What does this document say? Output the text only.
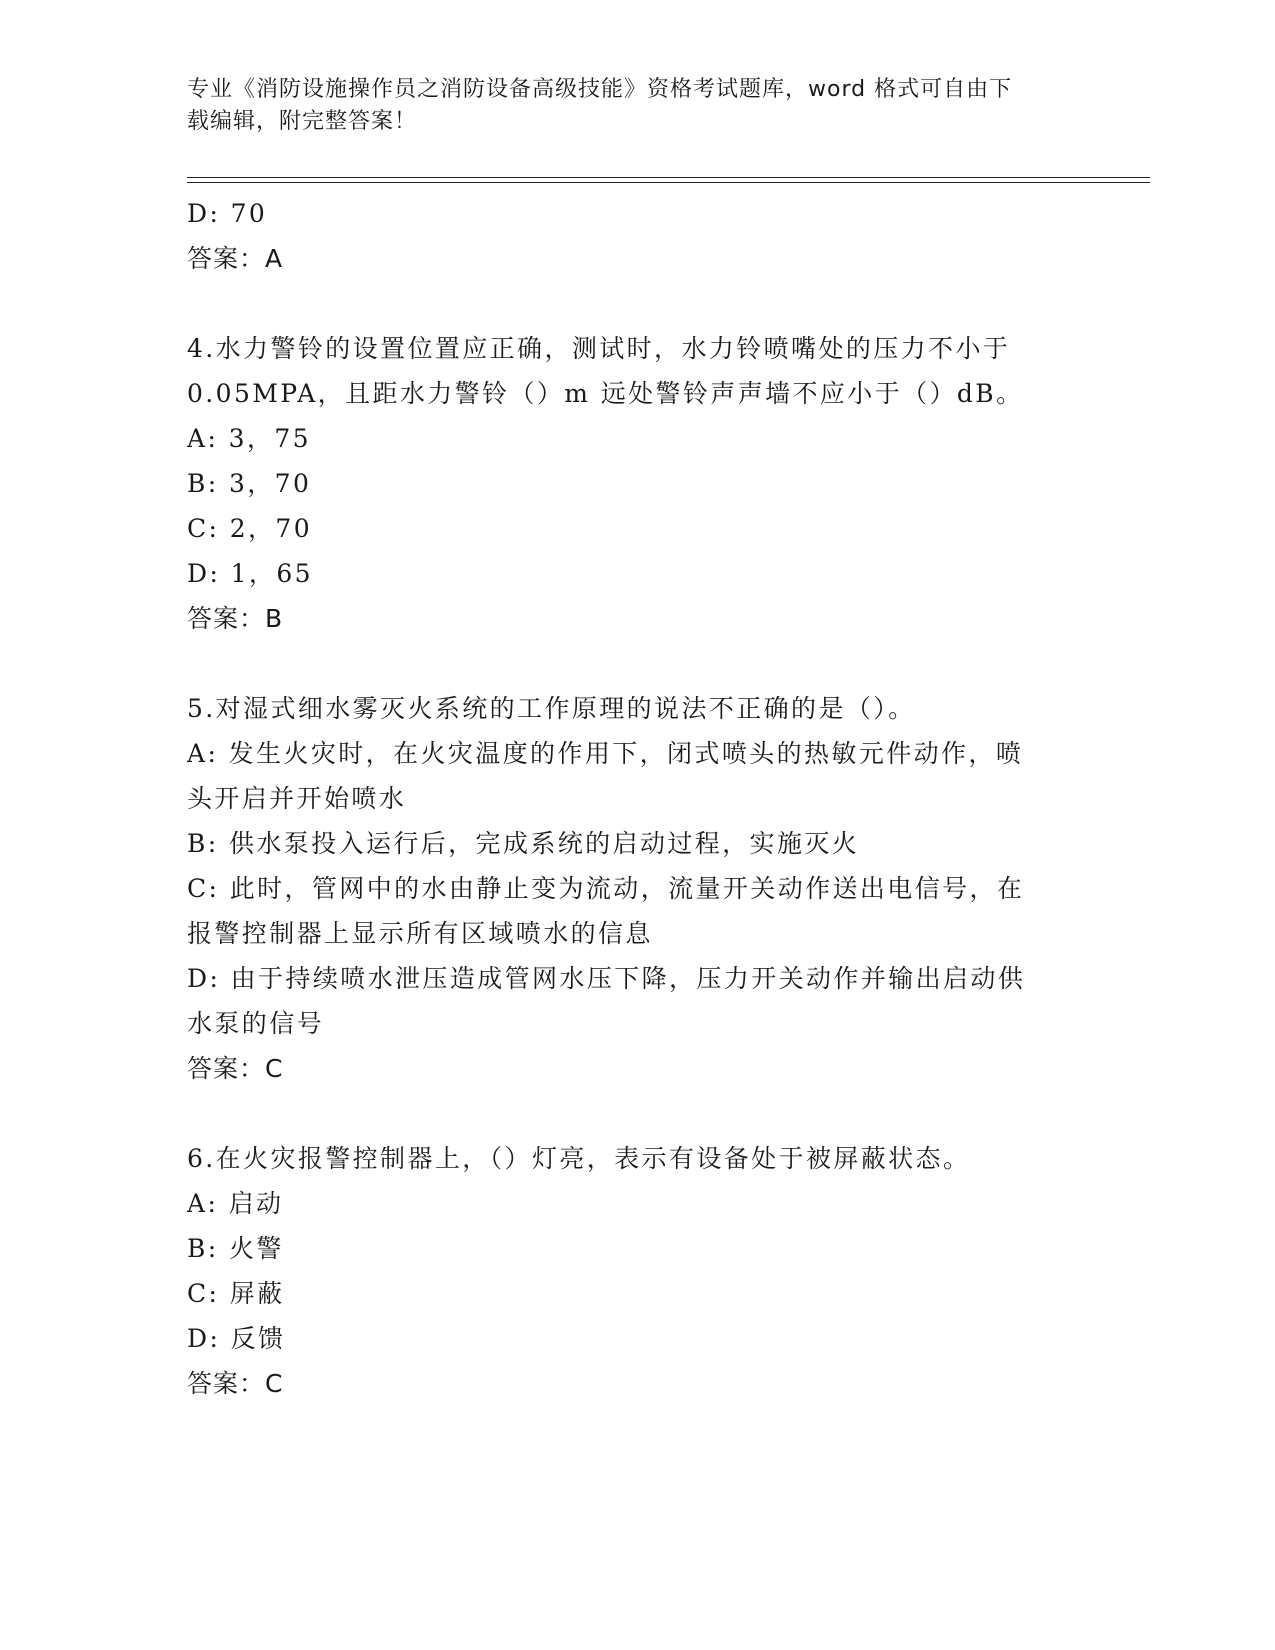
专业《消防设施操作员之消防设备高级技能》资格考试题库，word 格式可自由下
载编辑，附完整答案！
D: 70
答案：A
4.水力警铃的设置位置应正确，测试时，水力铃喷嘴处的压力不小于
0.05MPA，且距水力警铃（）m 远处警铃声声墙不应小于（）dB。
A: 3，75
B: 3，70
C: 2，70
D: 1，65
答案：B
5.对湿式细水雾灭火系统的工作原理的说法不正确的是（）。
A: 发生火灾时，在火灾温度的作用下，闭式喷头的热敏元件动作，喷
头开启并开始喷水
B: 供水泵投入运行后，完成系统的启动过程，实施灭火
C: 此时，管网中的水由静止变为流动，流量开关动作送出电信号，在
报警控制器上显示所有区域喷水的信息
D: 由于持续喷水泄压造成管网水压下降，压力开关动作并输出启动供
水泵的信号
答案：C
6.在火灾报警控制器上，（）灯亮，表示有设备处于被屏蔽状态。
A: 启动
B: 火警
C: 屏蔽
D: 反馈
答案：C
